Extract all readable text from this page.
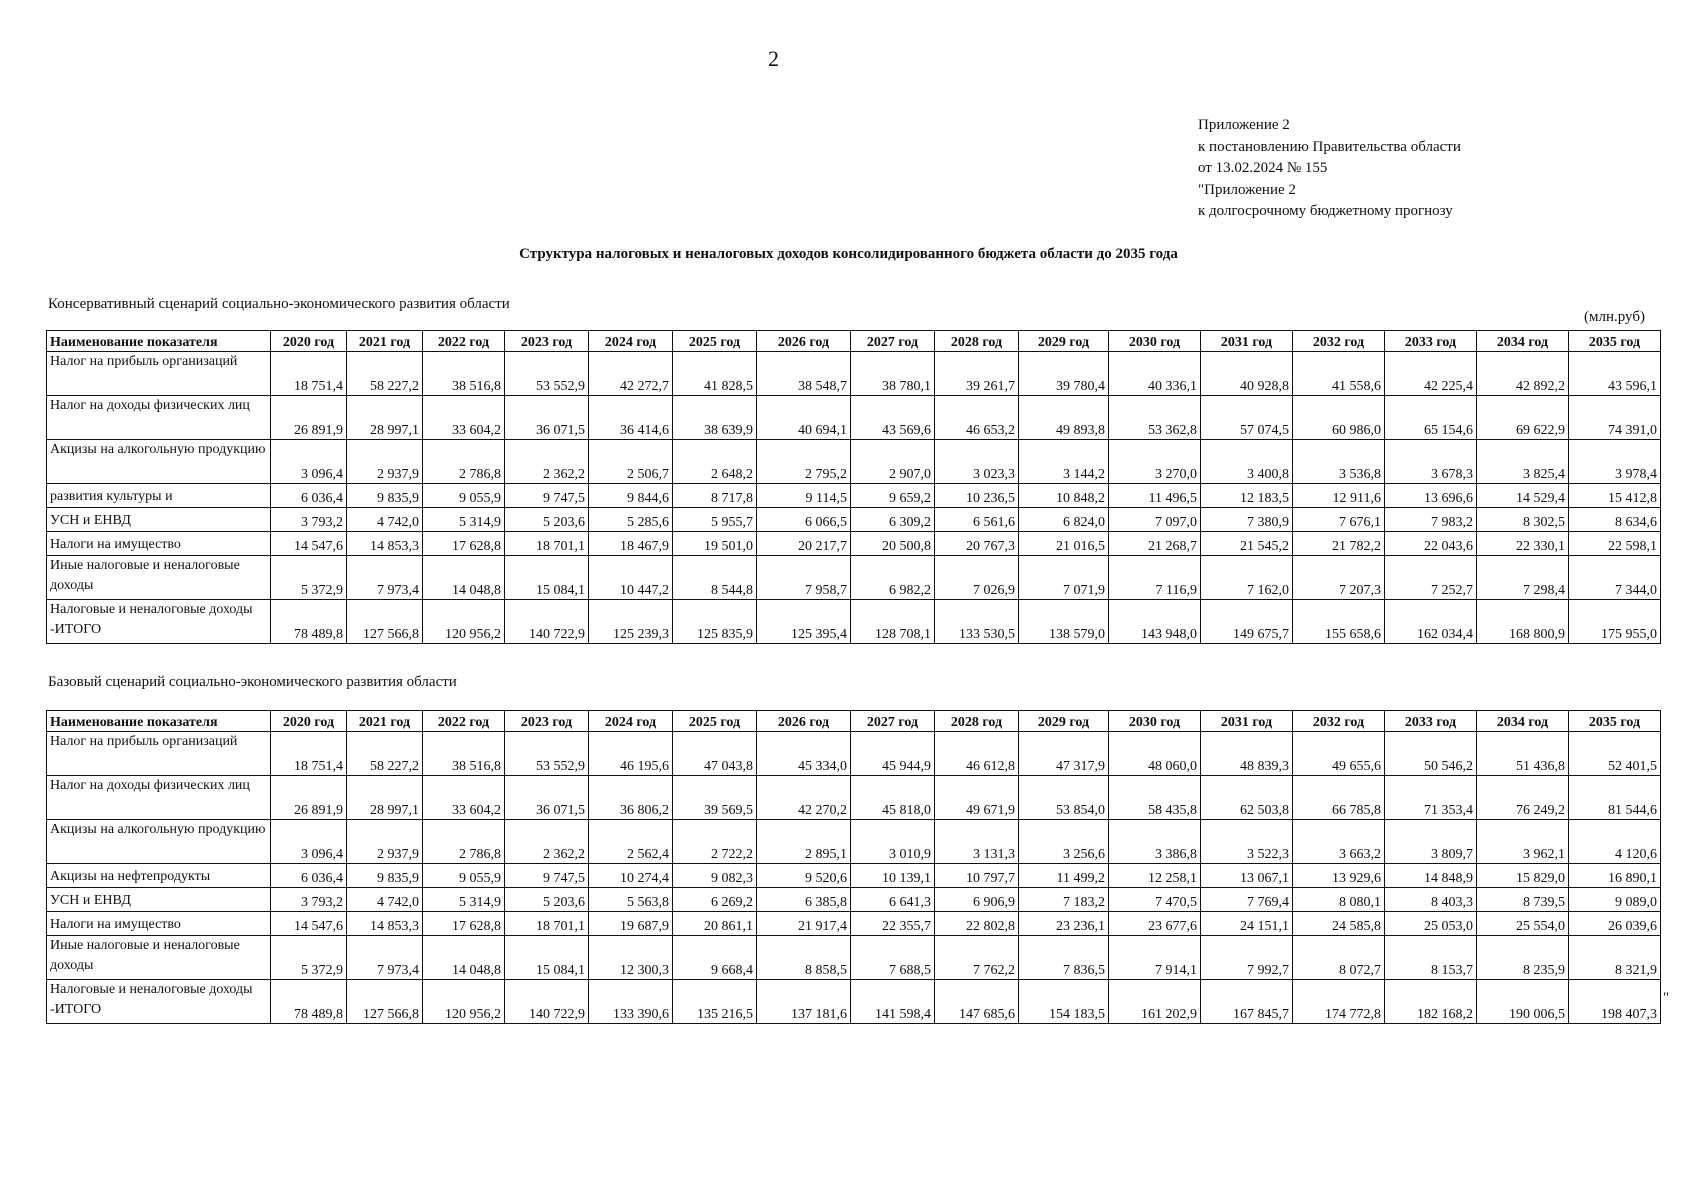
2
Приложение 2
к постановлению Правительства области
от 13.02.2024 № 155
"Приложение 2
к долгосрочному бюджетному прогнозу
Структура налоговых и неналоговых доходов консолидированного бюджета области до 2035 года
Консервативный сценарий социально-экономического развития области
(млн.руб)
Наименование показателя	2020 год	2021 год	2022 год	2023 год	2024 год	2025 год	2026 год	2027 год	2028 год	2029 год	2030 год	2031 год	2032 год	2033 год	2034 год	2035 год
Налог на прибыль организаций	18 751,4	58 227,2	38 516,8	53 552,9	42 272,7	41 828,5	38 548,7	38 780,1	39 261,7	39 780,4	40 336,1	40 928,8	41 558,6	42 225,4	42 892,2	43 596,1
Налог на доходы физических лиц	26 891,9	28 997,1	33 604,2	36 071,5	36 414,6	38 639,9	40 694,1	43 569,6	46 653,2	49 893,8	53 362,8	57 074,5	60 986,0	65 154,6	69 622,9	74 391,0
Акцизы на алкогольную продукцию	3 096,4	2 937,9	2 786,8	2 362,2	2 506,7	2 648,2	2 795,2	2 907,0	3 023,3	3 144,2	3 270,0	3 400,8	3 536,8	3 678,3	3 825,4	3 978,4
развития культуры и	6 036,4	9 835,9	9 055,9	9 747,5	9 844,6	8 717,8	9 114,5	9 659,2	10 236,5	10 848,2	11 496,5	12 183,5	12 911,6	13 696,6	14 529,4	15 412,8
УСН и ЕНВД	3 793,2	4 742,0	5 314,9	5 203,6	5 285,6	5 955,7	6 066,5	6 309,2	6 561,6	6 824,0	7 097,0	7 380,9	7 676,1	7 983,2	8 302,5	8 634,6
Налоги на имущество	14 547,6	14 853,3	17 628,8	18 701,1	18 467,9	19 501,0	20 217,7	20 500,8	20 767,3	21 016,5	21 268,7	21 545,2	21 782,2	22 043,6	22 330,1	22 598,1
Иные налоговые и неналоговые доходы	5 372,9	7 973,4	14 048,8	15 084,1	10 447,2	8 544,8	7 958,7	6 982,2	7 026,9	7 071,9	7 116,9	7 162,0	7 207,3	7 252,7	7 298,4	7 344,0
Налоговые и неналоговые доходы -ИТОГО	78 489,8	127 566,8	120 956,2	140 722,9	125 239,3	125 835,9	125 395,4	128 708,1	133 530,5	138 579,0	143 948,0	149 675,7	155 658,6	162 034,4	168 800,9	175 955,0
Базовый сценарий социально-экономического развития области
Наименование показателя	2020 год	2021 год	2022 год	2023 год	2024 год	2025 год	2026 год	2027 год	2028 год	2029 год	2030 год	2031 год	2032 год	2033 год	2034 год	2035 год
Налог на прибыль организаций	18 751,4	58 227,2	38 516,8	53 552,9	46 195,6	47 043,8	45 334,0	45 944,9	46 612,8	47 317,9	48 060,0	48 839,3	49 655,6	50 546,2	51 436,8	52 401,5
Налог на доходы физических лиц	26 891,9	28 997,1	33 604,2	36 071,5	36 806,2	39 569,5	42 270,2	45 818,0	49 671,9	53 854,0	58 435,8	62 503,8	66 785,8	71 353,4	76 249,2	81 544,6
Акцизы на алкогольную продукцию	3 096,4	2 937,9	2 786,8	2 362,2	2 562,4	2 722,2	2 895,1	3 010,9	3 131,3	3 256,6	3 386,8	3 522,3	3 663,2	3 809,7	3 962,1	4 120,6
Акцизы на нефтепродукты	6 036,4	9 835,9	9 055,9	9 747,5	10 274,4	9 082,3	9 520,6	10 139,1	10 797,7	11 499,2	12 258,1	13 067,1	13 929,6	14 848,9	15 829,0	16 890,1
УСН и ЕНВД	3 793,2	4 742,0	5 314,9	5 203,6	5 563,8	6 269,2	6 385,8	6 641,3	6 906,9	7 183,2	7 470,5	7 769,4	8 080,1	8 403,3	8 739,5	9 089,0
Налоги на имущество	14 547,6	14 853,3	17 628,8	18 701,1	19 687,9	20 861,1	21 917,4	22 355,7	22 802,8	23 236,1	23 677,6	24 151,1	24 585,8	25 053,0	25 554,0	26 039,6
Иные налоговые и неналоговые доходы	5 372,9	7 973,4	14 048,8	15 084,1	12 300,3	9 668,4	8 858,5	7 688,5	7 762,2	7 836,5	7 914,1	7 992,7	8 072,7	8 153,7	8 235,9	8 321,9
Налоговые и неналоговые доходы -ИТОГО	78 489,8	127 566,8	120 956,2	140 722,9	133 390,6	135 216,5	137 181,6	141 598,4	147 685,6	154 183,5	161 202,9	167 845,7	174 772,8	182 168,2	190 006,5	198 407,3
"
